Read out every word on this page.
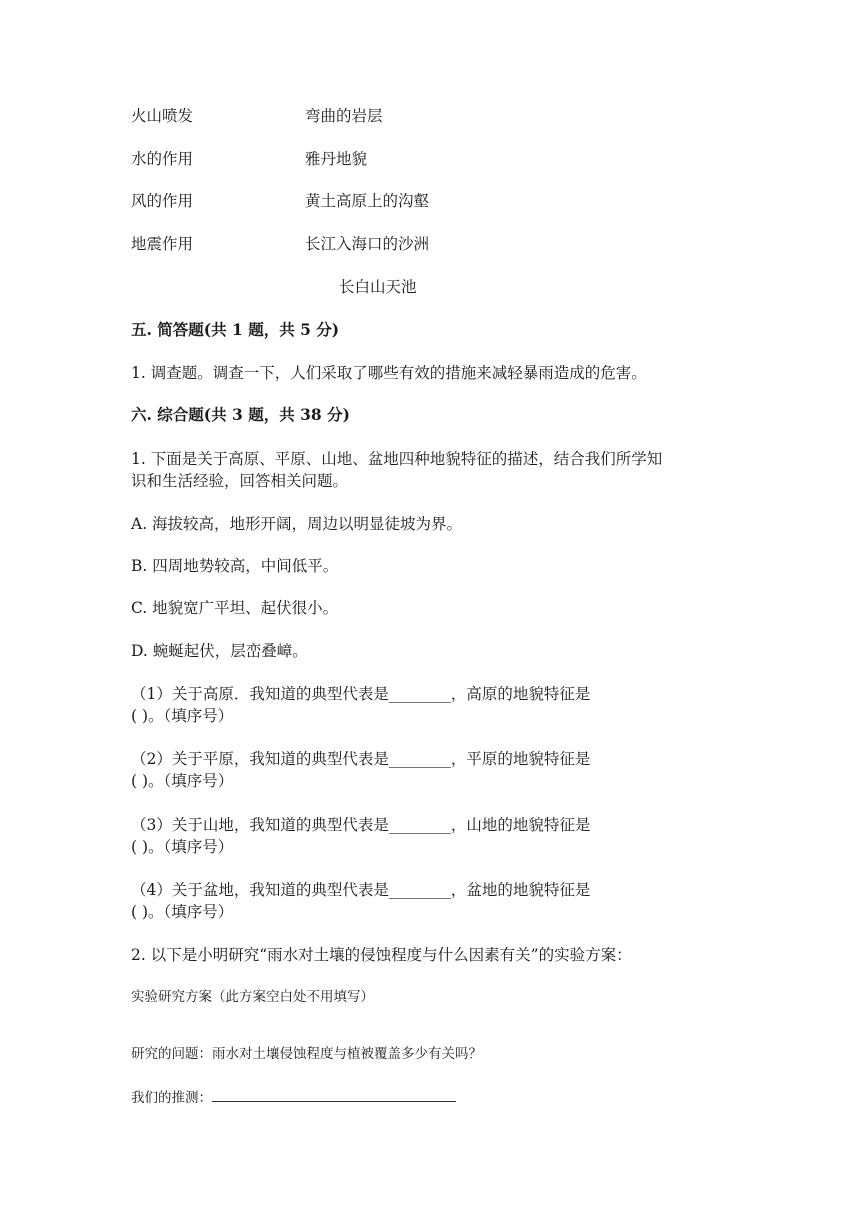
火山喷发
水的作用
风的作用
地震作用
弯曲的岩层
雅丹地貌
黄土高原上的沟壑
长江入海口的沙洲
长白山天池
五. 简答题(共 1 题，共 5 分)
1. 调查题。调查一下，人们采取了哪些有效的措施来减轻暴雨造成的危害。
六. 综合题(共 3 题，共 38 分)
1. 下面是关于高原、平原、山地、盆地四种地貌特征的描述，结合我们所学知
识和生活经验，回答相关问题。
A. 海拔较高，地形开阔，周边以明显徒坡为界。
B. 四周地势较高，中间低平。
C. 地貌宽广平坦、起伏很小。
D. 蜿蜒起伏，层峦叠嶂。
（1）关于高原．我知道的典型代表是________，高原的地貌特征是
( )。（填序号）
（2）关于平原，我知道的典型代表是________，平原的地貌特征是
( )。（填序号）
（3）关于山地，我知道的典型代表是________，山地的地貌特征是
( )。（填序号）
（4）关于盆地，我知道的典型代表是________，盆地的地貌特征是
( )。（填序号）
2. 以下是小明研究“雨水对土壤的侵蚀程度与什么因素有关”的实验方案：
实验研究方案（此方案空白处不用填写）
研究的问题：雨水对土壤侵蚀程度与植被覆盖多少有关吗？
我们的推测：
